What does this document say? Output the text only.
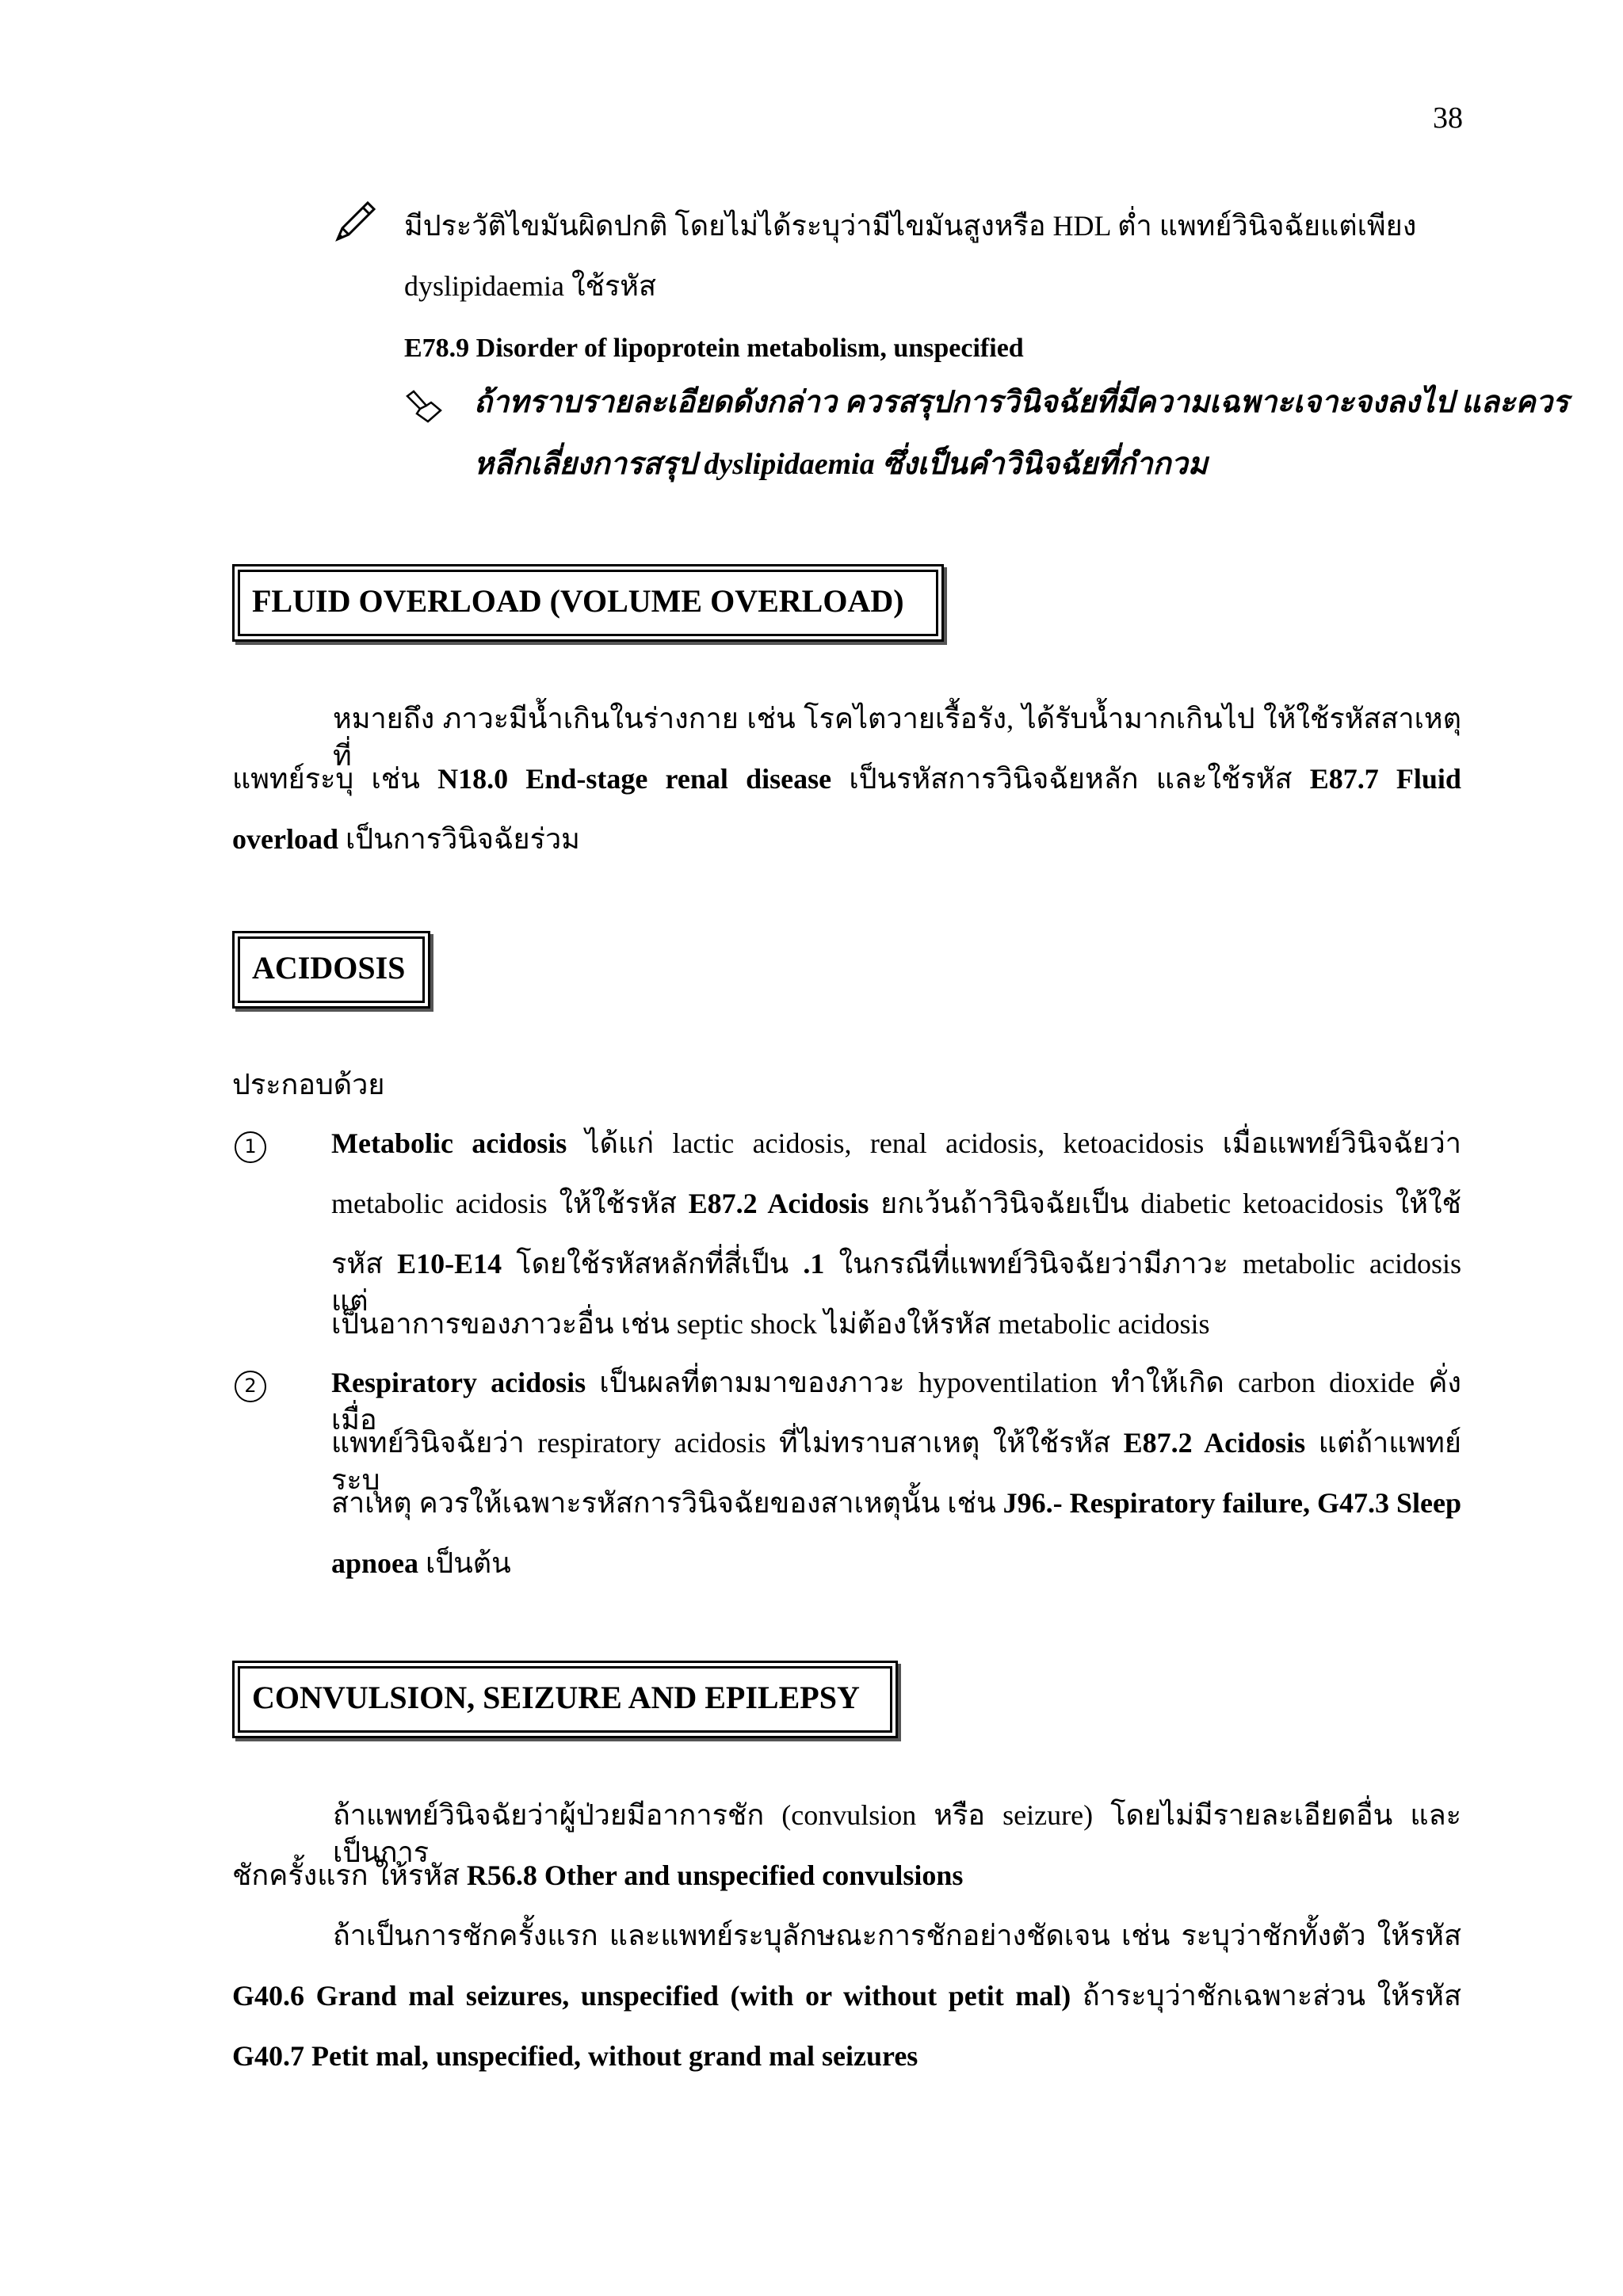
38
มีประวัติไขมันผิดปกติ โดยไม่ได้ระบุว่ามีไขมันสูงหรือ HDL ต่ำ แพทย์วินิจฉัยแต่เพียง
dyslipidaemia ใช้รหัส
E78.9 Disorder of lipoprotein metabolism, unspecified
ถ้าทราบรายละเอียดดังกล่าว ควรสรุปการวินิจฉัยที่มีความเฉพาะเจาะจงลงไป และควร
หลีกเลี่ยงการสรุป dyslipidaemia ซึ่งเป็นคำวินิจฉัยที่กำกวม
FLUID OVERLOAD (VOLUME OVERLOAD)
หมายถึง ภาวะมีน้ำเกินในร่างกาย เช่น โรคไตวายเรื้อรัง, ได้รับน้ำมากเกินไป ให้ใช้รหัสสาเหตุที่
แพทย์ระบุ เช่น N18.0 End-stage renal disease เป็นรหัสการวินิจฉัยหลัก และใช้รหัส E87.7 Fluid
overload เป็นการวินิจฉัยร่วม
ACIDOSIS
ประกอบด้วย
1	Metabolic acidosis ได้แก่ lactic acidosis, renal acidosis, ketoacidosis เมื่อแพทย์วินิจฉัยว่า
metabolic acidosis ให้ใช้รหัส E87.2 Acidosis ยกเว้นถ้าวินิจฉัยเป็น diabetic ketoacidosis ให้ใช้
รหัส E10-E14 โดยใช้รหัสหลักที่สี่เป็น .1 ในกรณีที่แพทย์วินิจฉัยว่ามีภาวะ metabolic acidosis แต่
เป็นอาการของภาวะอื่น เช่น septic shock ไม่ต้องให้รหัส metabolic acidosis
2	Respiratory acidosis เป็นผลที่ตามมาของภาวะ hypoventilation ทำให้เกิด carbon dioxide คั่ง เมื่อ
แพทย์วินิจฉัยว่า respiratory acidosis ที่ไม่ทราบสาเหตุ ให้ใช้รหัส E87.2 Acidosis แต่ถ้าแพทย์ระบุ
สาเหตุ ควรให้เฉพาะรหัสการวินิจฉัยของสาเหตุนั้น เช่น J96.- Respiratory failure, G47.3 Sleep
apnoea เป็นต้น
CONVULSION, SEIZURE AND EPILEPSY
ถ้าแพทย์วินิจฉัยว่าผู้ป่วยมีอาการชัก (convulsion หรือ seizure) โดยไม่มีรายละเอียดอื่น และเป็นการ
ชักครั้งแรก ให้รหัส R56.8 Other and unspecified convulsions
ถ้าเป็นการชักครั้งแรก และแพทย์ระบุลักษณะการชักอย่างชัดเจน เช่น ระบุว่าชักทั้งตัว ให้รหัส
G40.6 Grand mal seizures, unspecified (with or without petit mal) ถ้าระบุว่าชักเฉพาะส่วน ให้รหัส
G40.7 Petit mal, unspecified, without grand mal seizures
